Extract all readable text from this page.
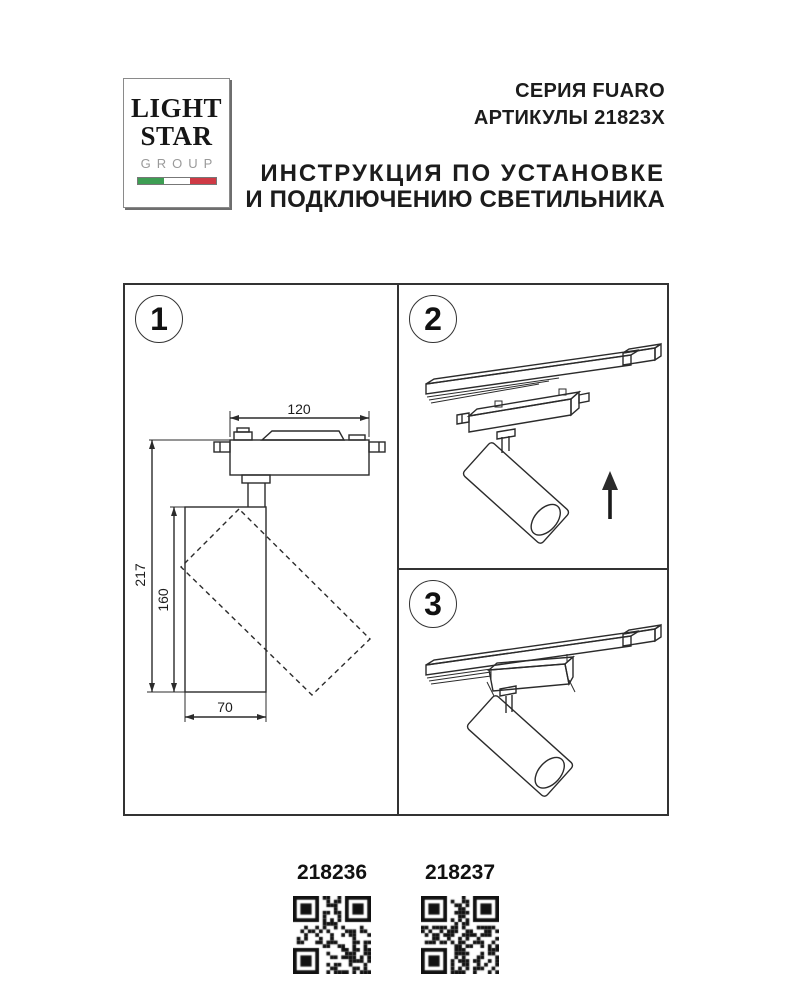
LIGHT
STAR
GROUP
СЕРИЯ FUARO
АРТИКУЛЫ 21823X
ИНСТРУКЦИЯ ПО УСТАНОВКЕ
И ПОДКЛЮЧЕНИЮ СВЕТИЛЬНИКА
1
120
217
160
70
2
3
218236	218237
